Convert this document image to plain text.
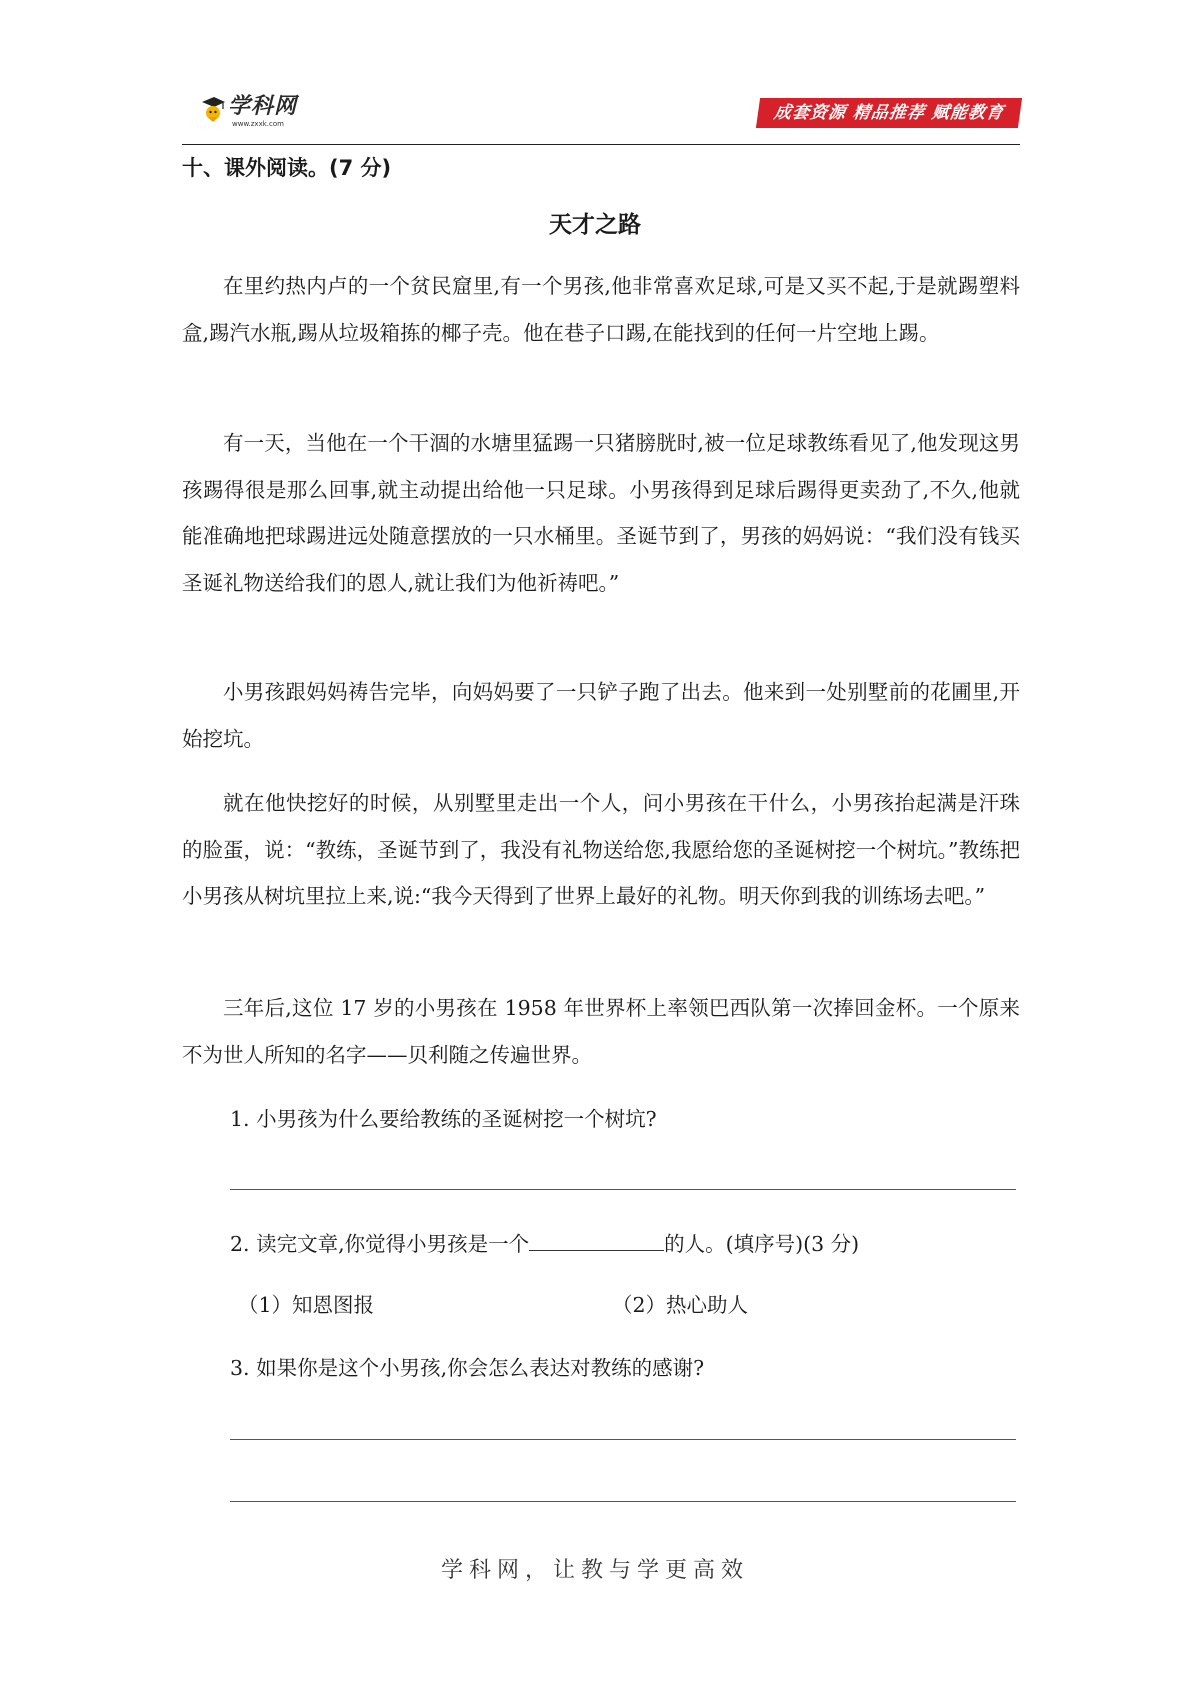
学科网
www.zxxk.com
成套资源 精品推荐 赋能教育
十、课外阅读。(7 分)
天才之路
在里约热内卢的一个贫民窟里,有一个男孩,他非常喜欢足球,可是又买不起,于是就踢塑料盒,踢汽水瓶,踢从垃圾箱拣的椰子壳。他在巷子口踢,在能找到的任何一片空地上踢。
有一天，当他在一个干涸的水塘里猛踢一只猪膀胱时,被一位足球教练看见了,他发现这男孩踢得很是那么回事,就主动提出给他一只足球。小男孩得到足球后踢得更卖劲了,不久,他就能准确地把球踢进远处随意摆放的一只水桶里。圣诞节到了，男孩的妈妈说：“我们没有钱买圣诞礼物送给我们的恩人,就让我们为他祈祷吧。”
小男孩跟妈妈祷告完毕，向妈妈要了一只铲子跑了出去。他来到一处别墅前的花圃里,开始挖坑。
就在他快挖好的时候，从别墅里走出一个人，问小男孩在干什么，小男孩抬起满是汗珠的脸蛋，说：“教练，圣诞节到了，我没有礼物送给您,我愿给您的圣诞树挖一个树坑。”教练把小男孩从树坑里拉上来,说:“我今天得到了世界上最好的礼物。明天你到我的训练场去吧。”
三年后,这位 17 岁的小男孩在 1958 年世界杯上率领巴西队第一次捧回金杯。一个原来不为世人所知的名字——贝利随之传遍世界。
1. 小男孩为什么要给教练的圣诞树挖一个树坑?
2. 读完文章,你觉得小男孩是一个	的人。(填序号)(3 分)
（1）知恩图报	（2）热心助人
3. 如果你是这个小男孩,你会怎么表达对教练的感谢?
学科网，让教与学更高效
